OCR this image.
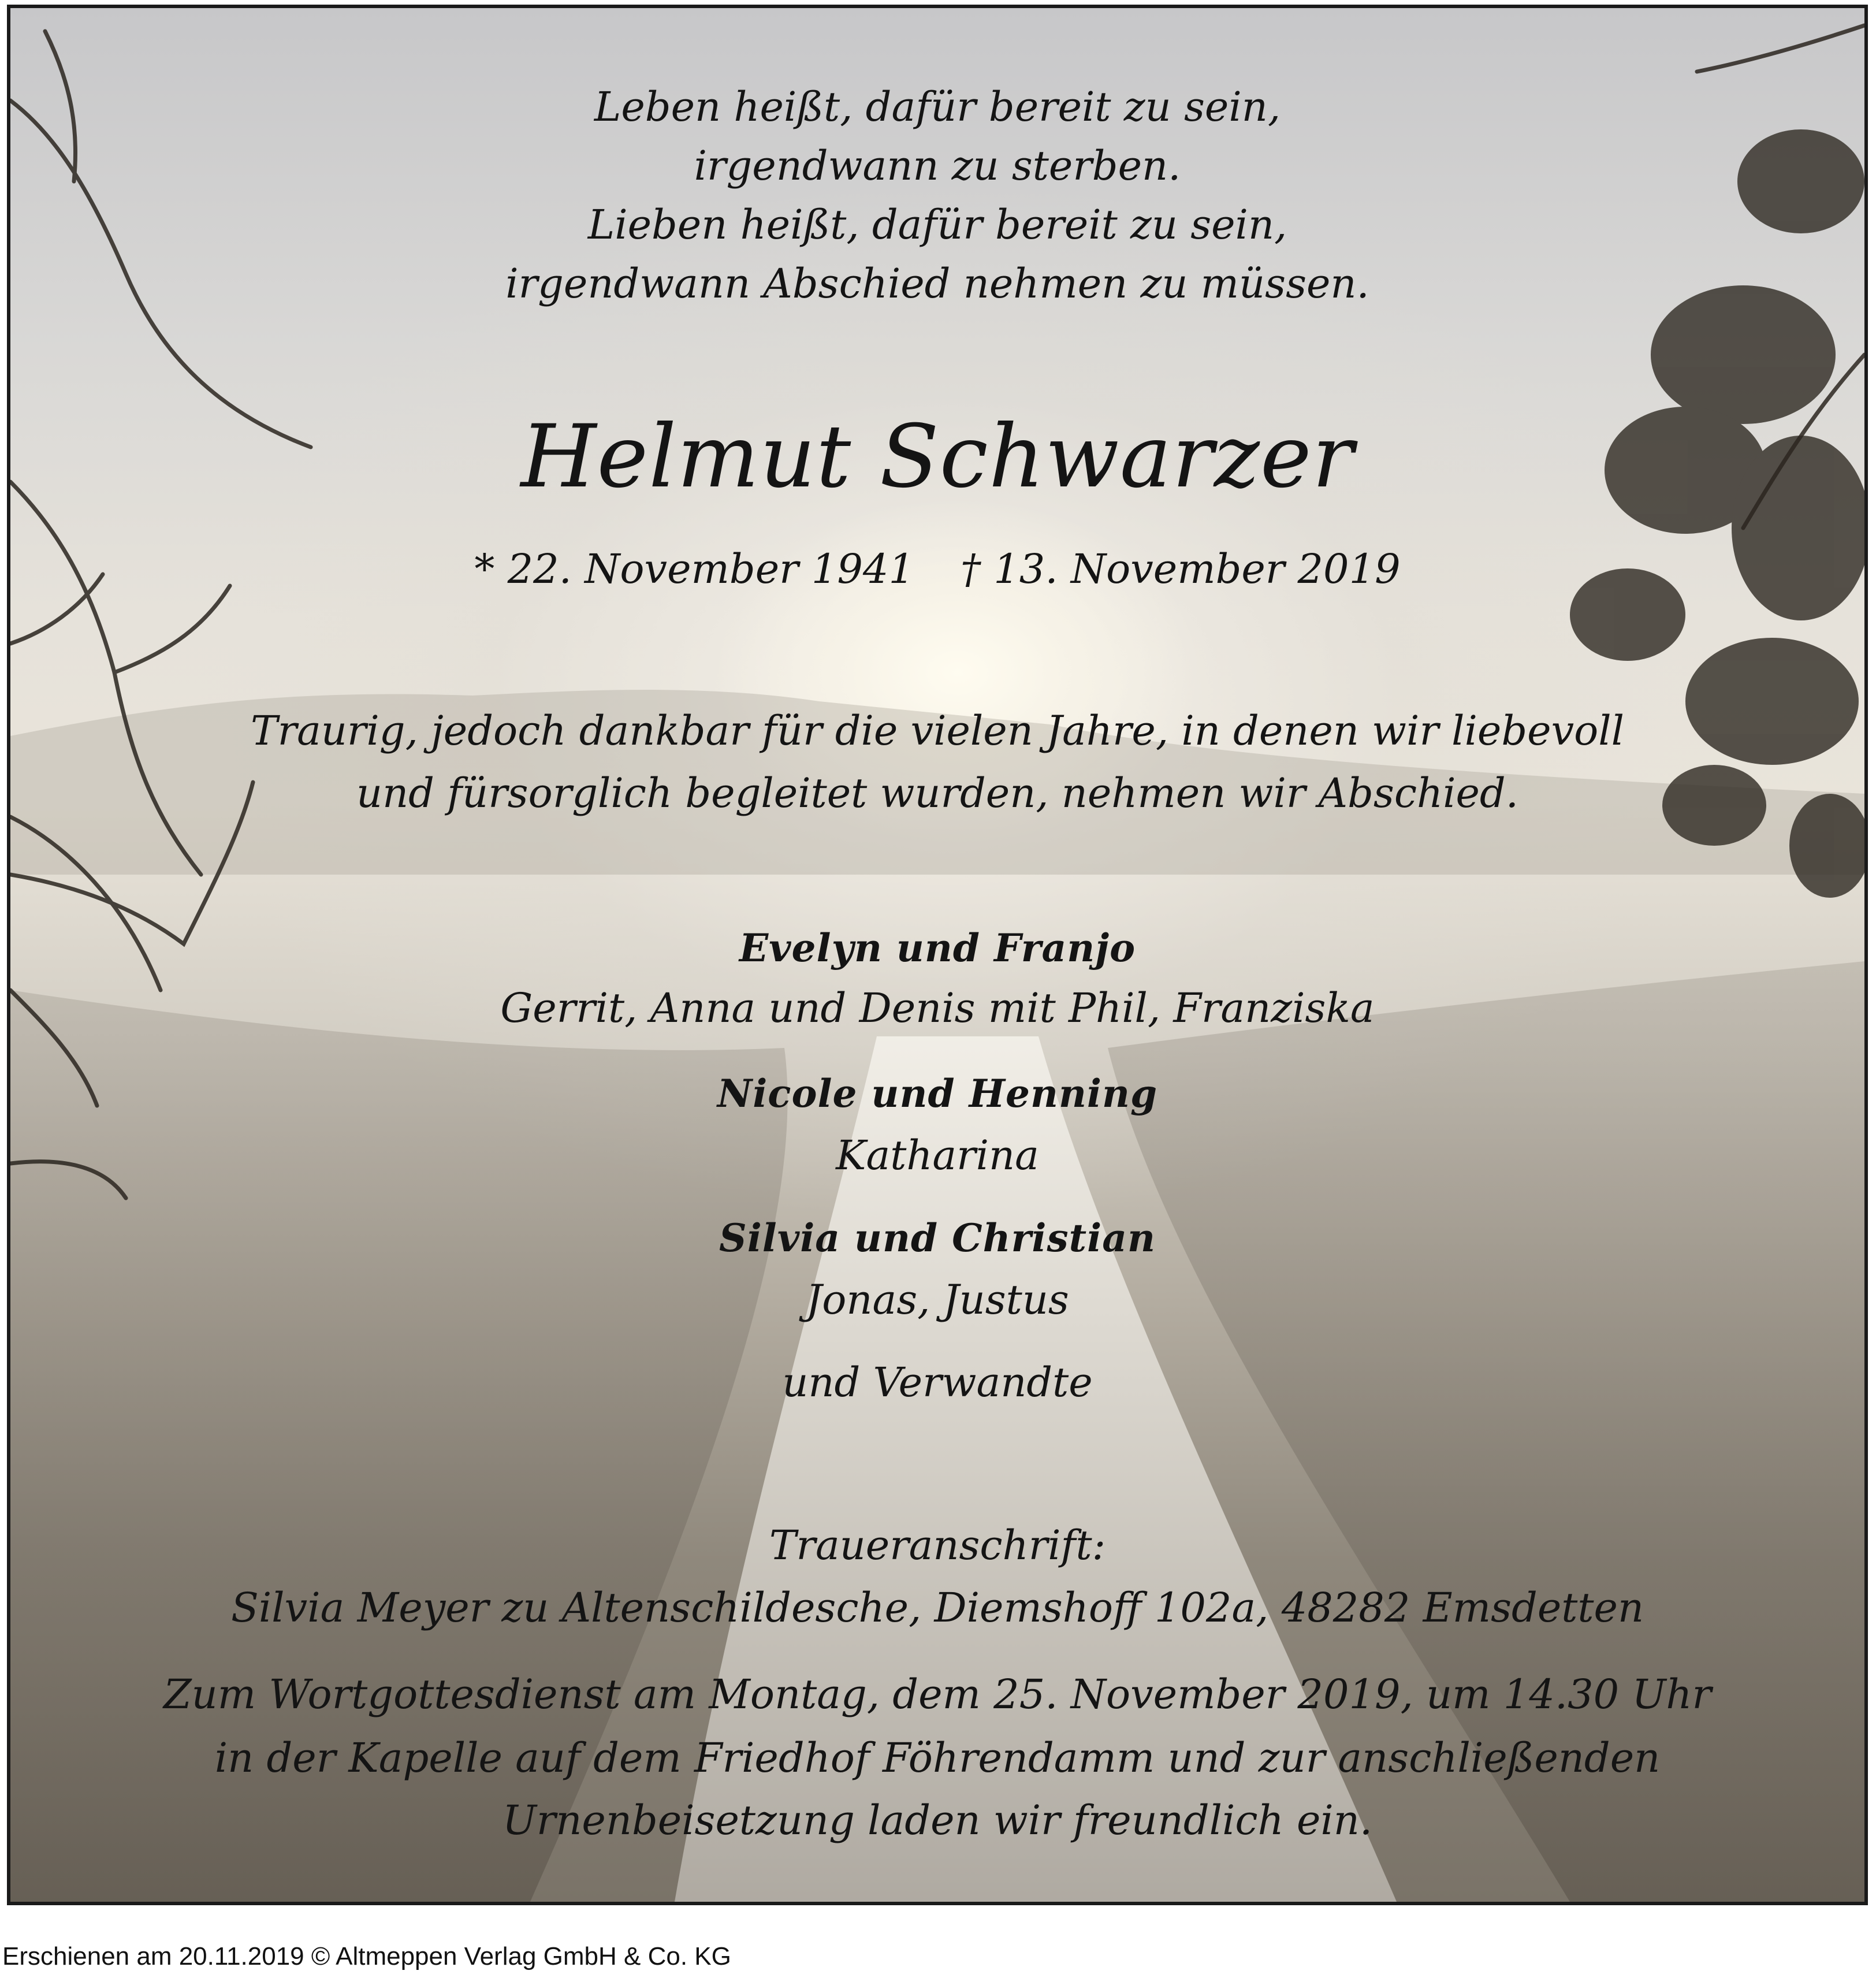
Leben heißt, dafür bereit zu sein,
irgendwann zu sterben.
Lieben heißt, dafür bereit zu sein,
irgendwann Abschied nehmen zu müssen.
Helmut Schwarzer
* 22. November 1941 † 13. November 2019
Traurig, jedoch dankbar für die vielen Jahre, in denen wir liebevoll
und fürsorglich begleitet wurden, nehmen wir Abschied.
Evelyn und Franjo
Gerrit, Anna und Denis mit Phil, Franziska
Nicole und Henning
Katharina
Silvia und Christian
Jonas, Justus
und Verwandte
Traueranschrift:
Silvia Meyer zu Altenschildesche, Diemshoff 102a, 48282 Emsdetten
Zum Wortgottesdienst am Montag, dem 25. November 2019, um 14.30 Uhr
in der Kapelle auf dem Friedhof Föhrendamm und zur anschließenden
Urnenbeisetzung laden wir freundlich ein.
Erschienen am 20.11.2019 © Altmeppen Verlag GmbH & Co. KG
